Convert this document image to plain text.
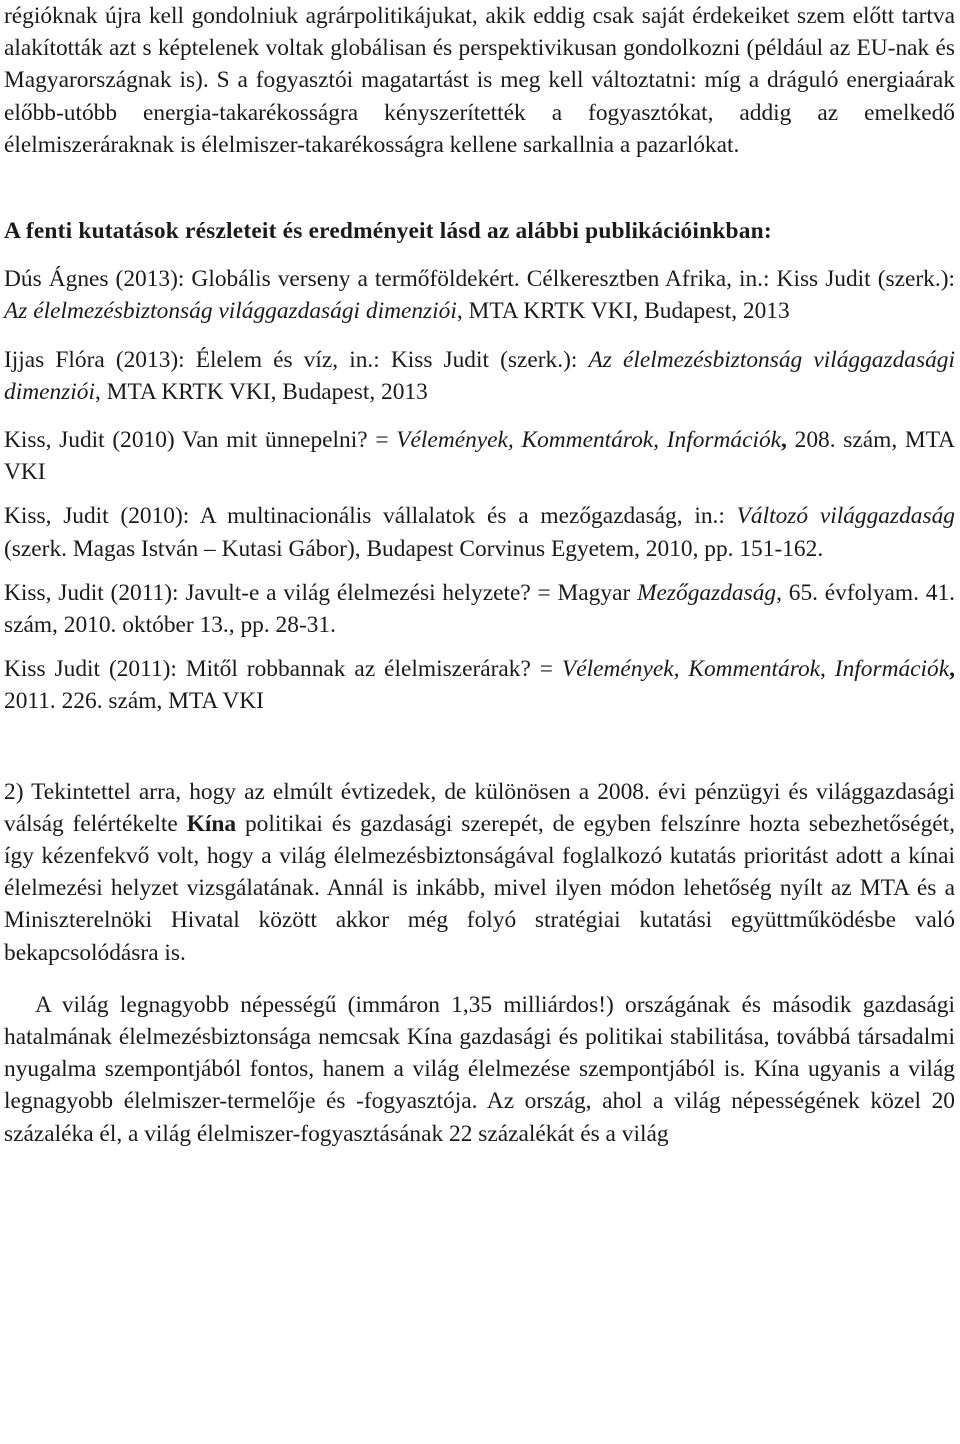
régióknak újra kell gondolniuk agrárpolitikájukat, akik eddig csak saját érdekeiket szem előtt tartva alakították azt s képtelenek voltak globálisan és perspektivikusan gondolkozni (például az EU-nak és Magyarországnak is). S a fogyasztói magatartást is meg kell változtatni: míg a dráguló energiaárak előbb-utóbb energia-takarékosságra kényszerítették a fogyasztókat, addig az emelkedő élelmiszeráraknak is élelmiszer-takarékosságra kellene sarkallnia a pazarlókat.

A fenti kutatások részleteit és eredményeit lásd az alábbi publikációinkban:

Dús Ágnes (2013): Globális verseny a termőföldekért. Célkeresztben Afrika, in.: Kiss Judit (szerk.): Az élelmezésbiztonság világgazdasági dimenziói, MTA KRTK VKI, Budapest, 2013

Ijjas Flóra (2013): Élelem és víz, in.: Kiss Judit (szerk.): Az élelmezésbiztonság világgazdasági dimenziói, MTA KRTK VKI, Budapest, 2013

Kiss, Judit (2010) Van mit ünnepelni? = Vélemények, Kommentárok, Információk, 208. szám, MTA VKI

Kiss, Judit (2010): A multinacionális vállalatok és a mezőgazdaság, in.: Változó világgazdaság (szerk. Magas István – Kutasi Gábor), Budapest Corvinus Egyetem, 2010, pp. 151-162.

Kiss, Judit (2011): Javult-e a világ élelmezési helyzete? = Magyar Mezőgazdaság, 65. évfolyam. 41. szám, 2010. október 13., pp. 28-31.

Kiss Judit (2011): Mitől robbannak az élelmiszerárak? = Vélemények, Kommentárok, Információk, 2011. 226. szám, MTA VKI

2) Tekintettel arra, hogy az elmúlt évtizedek, de különösen a 2008. évi pénzügyi és világgazdasági válság felértékelte Kína politikai és gazdasági szerepét, de egyben felszínre hozta sebezhetőségét, így kézenfekvő volt, hogy a világ élelmezésbiztonságával foglalkozó kutatás prioritást adott a kínai élelmezési helyzet vizsgálatának. Annál is inkább, mivel ilyen módon lehetőség nyílt az MTA és a Miniszterelnöki Hivatal között akkor még folyó stratégiai kutatási együttműködésbe való bekapcsolódásra is.

A világ legnagyobb népességű (immáron 1,35 milliárdos!) országának és második gazdasági hatalmának élelmezésbiztonsága nemcsak Kína gazdasági és politikai stabilitása, továbbá társadalmi nyugalma szempontjából fontos, hanem a világ élelmezése szempontjából is. Kína ugyanis a világ legnagyobb élelmiszer-termelője és -fogyasztója. Az ország, ahol a világ népességének közel 20 százaléka él, a világ élelmiszer-fogyasztásának 22 százalékát és a világ
